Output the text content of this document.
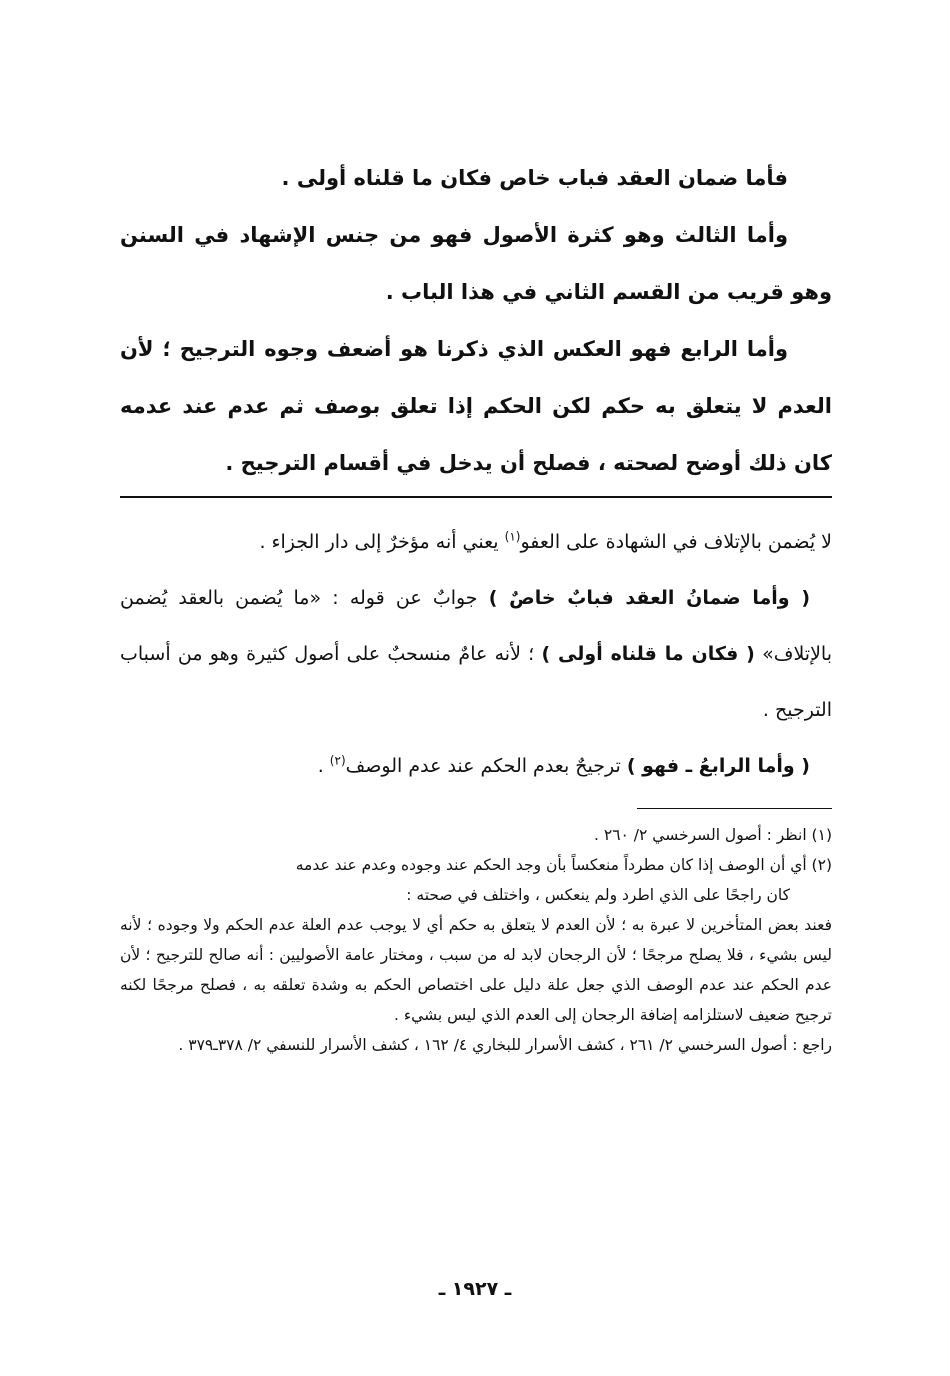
فأما ضمان العقد فباب خاص فكان ما قلناه أولى .

وأما الثالث وهو كثرة الأصول فهو من جنس الإشهاد في السنن وهو قريب من القسم الثاني في هذا الباب .

وأما الرابع فهو العكس الذي ذكرنا هو أضعف وجوه الترجيح ؛ لأن العدم لا يتعلق به حكم لكن الحكم إذا تعلق بوصف ثم عدم عند عدمه كان ذلك أوضح لصحته ، فصلح أن يدخل في أقسام الترجيح .

لا يُضمن بالإتلاف في الشهادة على العفو$^{(١)}$ يعني أنه مؤخرٌ إلى دار الجزاء .

( وأما ضمانُ العقد فبابٌ خاصٌ ) جوابٌ عن قوله : «ما يُضمن بالعقد يُضمن بالإتلاف» ( فكان ما قلناه أولى ) ؛ لأنه عامٌ منسحبٌ على أصول كثيرة وهو من أسباب الترجيح .

( وأما الرابعُ ـ فهو ) ترجيحٌ بعدم الحكم عند عدم الوصف$^{(٢)}$ .

(١) انظر : أصول السرخسي ٢/ ٢٦٠ .

(٢) أي أن الوصف إذا كان مطرداً منعكساً بأن وجد الحكم عند وجوده وعدم عند عدمه

كان راجحًا على الذي اطرد ولم ينعكس ، واختلف في صحته :

فعند بعض المتأخرين لا عبرة به ؛ لأن العدم لا يتعلق به حكم أي لا يوجب عدم العلة عدم الحكم ولا وجوده ؛ لأنه ليس بشيء ، فلا يصلح مرجحًا ؛ لأن الرجحان لابد له من سبب ، ومختار عامة الأصوليين : أنه صالح للترجيح ؛ لأن عدم الحكم عند عدم الوصف الذي جعل علة دليل على اختصاص الحكم به وشدة تعلقه به ، فصلح مرجحًا لكنه ترجيح ضعيف لاستلزامه إضافة الرجحان إلى العدم الذي ليس بشيء .

راجع : أصول السرخسي ٢/ ٢٦١ ، كشف الأسرار للبخاري ٤/ ١٦٢ ، كشف الأسرار للنسفي ٢/ ٣٧٨ـ٣٧٩ .

ـ ١٩٢٧ ـ
